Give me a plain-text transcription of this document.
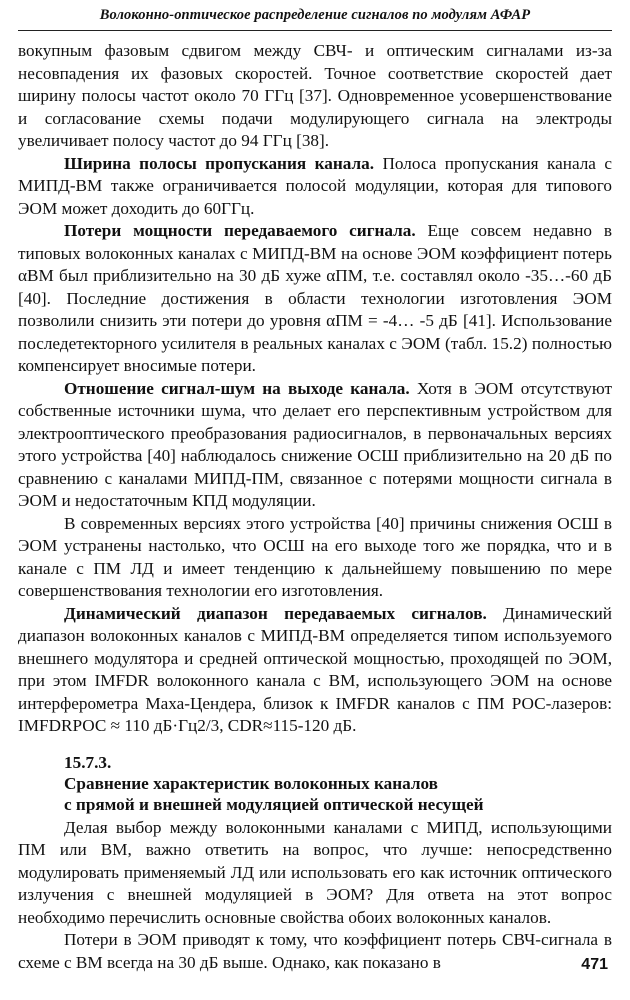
Волоконно-оптическое распределение сигналов по модулям АФАР

вокупным фазовым сдвигом между СВЧ- и оптическим сигналами из-за несовпадения их фазовых скоростей. Точное соответствие скоростей дает ширину полосы частот около 70 ГГц [37]. Одновременное усовершенствование и согласование схемы подачи модулирующего сигнала на электроды увеличивает полосу частот до 94 ГГц [38].

Ширина полосы пропускания канала. Полоса пропускания канала с МИПД-ВМ также ограничивается полосой модуляции, которая для типового ЭОМ может доходить до 60ГГц.

Потери мощности передаваемого сигнала. Еще совсем недавно в типовых волоконных каналах с МИПД-ВМ на основе ЭОМ коэффициент потерь αВМ был приблизительно на 30 дБ хуже αПМ, т.е. составлял около -35…-60 дБ [40]. Последние достижения в области технологии изготовления ЭОМ позволили снизить эти потери до уровня αПМ = -4… -5 дБ [41]. Использование последетекторного усилителя в реальных каналах с ЭОМ (табл. 15.2) полностью компенсирует вносимые потери.

Отношение сигнал-шум на выходе канала. Хотя в ЭОМ отсутствуют собственные источники шума, что делает его перспективным устройством для электрооптического преобразования радиосигналов, в первоначальных версиях этого устройства [40] наблюдалось снижение ОСШ приблизительно на 20 дБ по сравнению с каналами МИПД-ПМ, связанное с потерями мощности сигнала в ЭОМ и недостаточным КПД модуляции.

В современных версиях этого устройства [40] причины снижения ОСШ в ЭОМ устранены настолько, что ОСШ на его выходе того же порядка, что и в канале с ПМ ЛД и имеет тенденцию к дальнейшему повышению по мере совершенствования технологии его изготовления.

Динамический диапазон передаваемых сигналов. Динамический диапазон волоконных каналов с МИПД-ВМ определяется типом используемого внешнего модулятора и средней оптической мощностью, проходящей по ЭОМ, при этом IMFDR волоконного канала с ВМ, использующего ЭОМ на основе интерферометра Маха-Цендера, близок к IMFDR каналов с ПМ РОС-лазеров: IMFDRРОС ≈ 110 дБ·Гц2/3, CDR≈115-120 дБ.

15.7.3.
Сравнение характеристик волоконных каналов
с прямой и внешней модуляцией оптической несущей

Делая выбор между волоконными каналами с МИПД, использующими ПМ или ВМ, важно ответить на вопрос, что лучше: непосредственно модулировать применяемый ЛД или использовать его как источник оптического излучения с внешней модуляцией в ЭОМ? Для ответа на этот вопрос необходимо перечислить основные свойства обоих волоконных каналов.

Потери в ЭОМ приводят к тому, что коэффициент потерь СВЧ-сигнала в схеме с ВМ всегда на 30 дБ выше. Однако, как показано в	471
